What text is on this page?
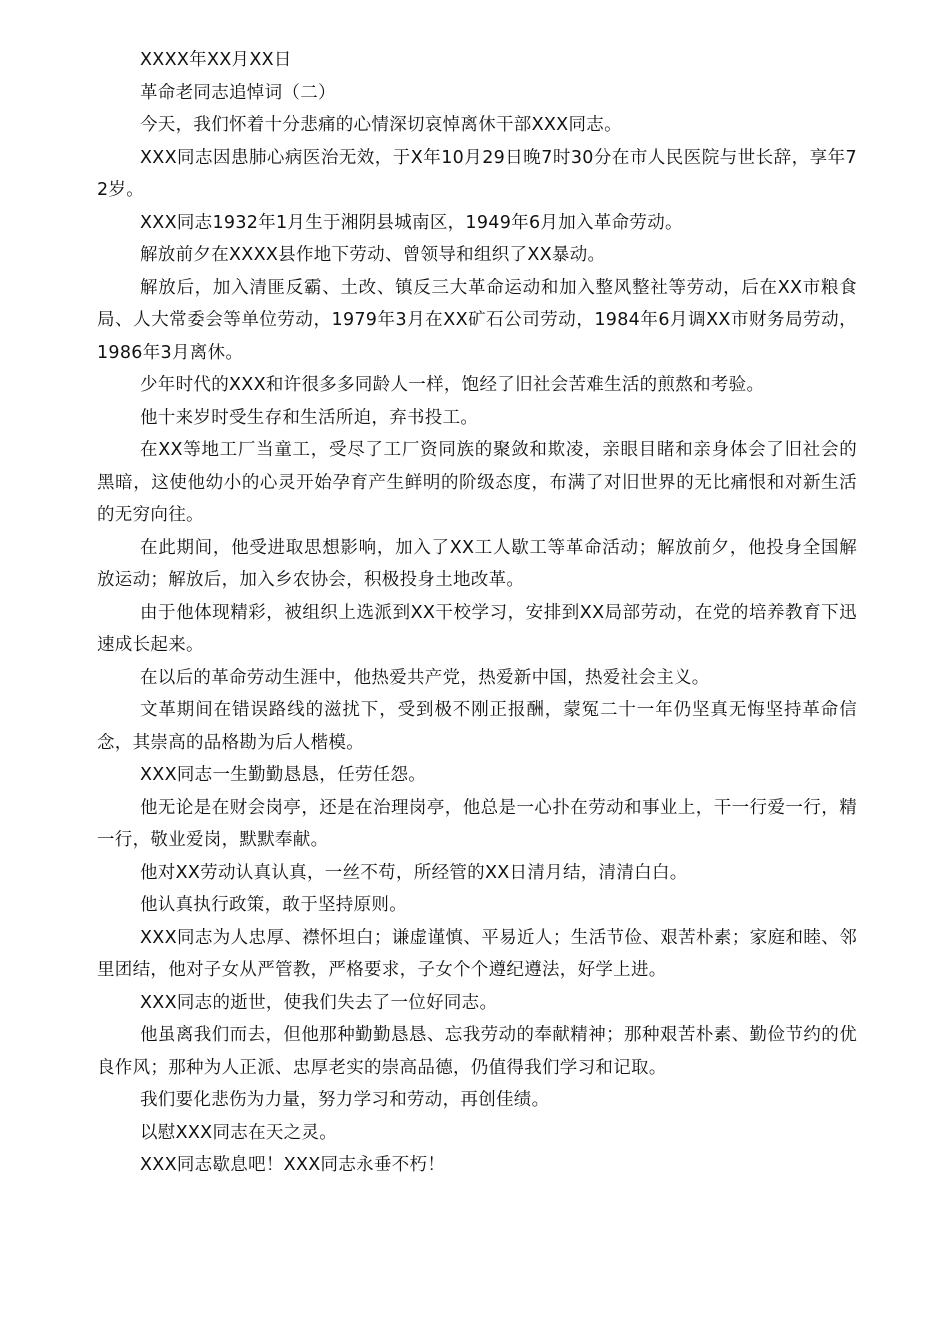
XXXX年XX月XX日

革命老同志追悼词（二）

今天，我们怀着十分悲痛的心情深切哀悼离休干部XXX同志。

XXX同志因患肺心病医治无效，于X年10月29日晚7时30分在市人民医院与世长辞，享年72岁。

XXX同志1932年1月生于湘阴县城南区，1949年6月加入革命劳动。

解放前夕在XXXX县作地下劳动、曾领导和组织了XX暴动。

解放后，加入清匪反霸、土改、镇反三大革命运动和加入整风整社等劳动，后在XX市粮食局、人大常委会等单位劳动，1979年3月在XX矿石公司劳动，1984年6月调XX市财务局劳动，1986年3月离休。

少年时代的XXX和许很多多同龄人一样，饱经了旧社会苦难生活的煎熬和考验。

他十来岁时受生存和生活所迫，弃书投工。

在XX等地工厂当童工，受尽了工厂资同族的聚敛和欺凌，亲眼目睹和亲身体会了旧社会的黑暗，这使他幼小的心灵开始孕育产生鲜明的阶级态度，布满了对旧世界的无比痛恨和对新生活的无穷向往。

在此期间，他受进取思想影响，加入了XX工人歇工等革命活动；解放前夕，他投身全国解放运动；解放后，加入乡农协会，积极投身土地改革。

由于他体现精彩，被组织上选派到XX干校学习，安排到XX局部劳动，在党的培养教育下迅速成长起来。

在以后的革命劳动生涯中，他热爱共产党，热爱新中国，热爱社会主义。

文革期间在错误路线的滋扰下，受到极不刚正报酬，蒙冤二十一年仍坚真无悔坚持革命信念，其崇高的品格勘为后人楷模。

XXX同志一生勤勤恳恳，任劳任怨。

他无论是在财会岗亭，还是在治理岗亭，他总是一心扑在劳动和事业上，干一行爱一行，精一行，敬业爱岗，默默奉献。

他对XX劳动认真认真，一丝不苟，所经管的XX日清月结，清清白白。

他认真执行政策，敢于坚持原则。

XXX同志为人忠厚、襟怀坦白；谦虚谨慎、平易近人；生活节俭、艰苦朴素；家庭和睦、邻里团结，他对子女从严管教，严格要求，子女个个遵纪遵法，好学上进。

XXX同志的逝世，使我们失去了一位好同志。

他虽离我们而去，但他那种勤勤恳恳、忘我劳动的奉献精神；那种艰苦朴素、勤俭节约的优良作风；那种为人正派、忠厚老实的崇高品德，仍值得我们学习和记取。

我们要化悲伤为力量，努力学习和劳动，再创佳绩。

以慰XXX同志在天之灵。

XXX同志歇息吧！XXX同志永垂不朽！
